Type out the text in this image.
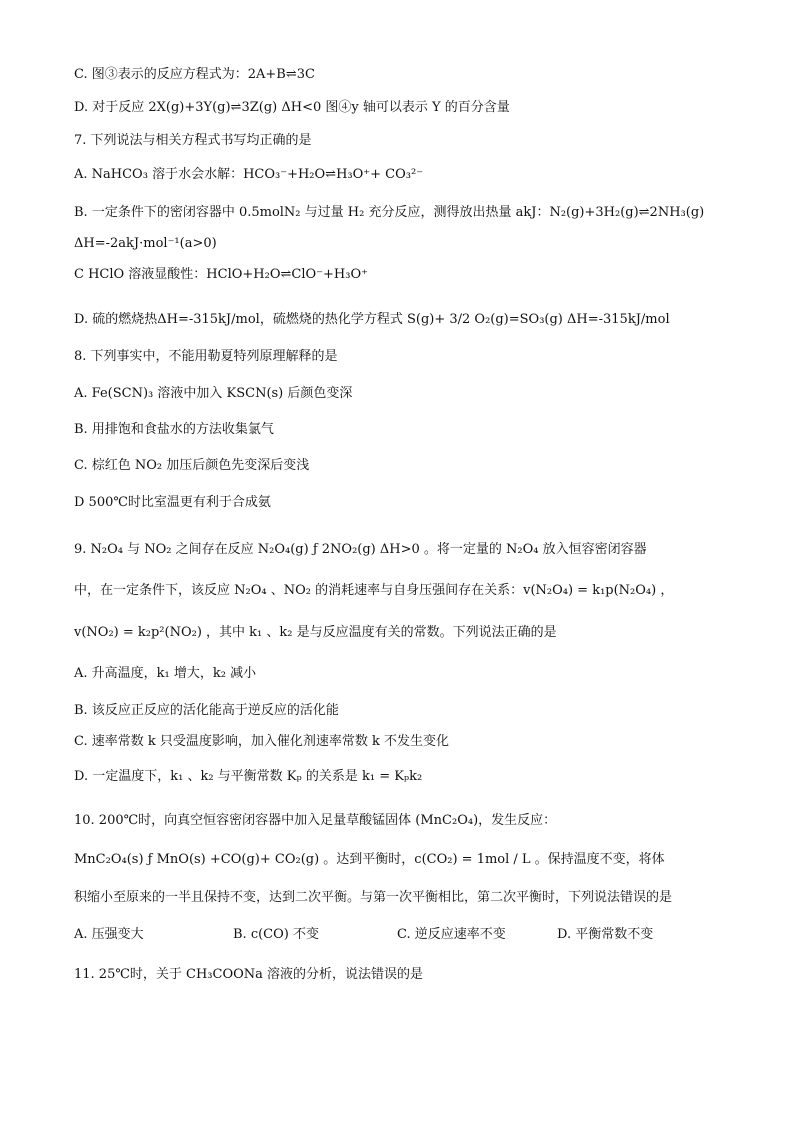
C. 图③表示的反应方程式为：2A+B⇌3C
D. 对于反应 2X(g)+3Y(g)⇌3Z(g) ΔH<0 图④y 轴可以表示 Y 的百分含量
7. 下列说法与相关方程式书写均正确的是
A. NaHCO₃ 溶于水会水解：HCO₃⁻+H₂O⇌H₃O⁺+ CO₃²⁻
B. 一定条件下的密闭容器中 0.5molN₂ 与过量 H₂ 充分反应，测得放出热量 akJ：N₂(g)+3H₂(g)⇌2NH₃(g)
ΔH=-2akJ·mol⁻¹(a>0)
C HClO 溶液显酸性：HClO+H₂O⇌ClO⁻+H₃O⁺
D. 硫的燃烧热ΔH=-315kJ/mol，硫燃烧的热化学方程式 S(g)+ 3/2 O₂(g)=SO₃(g) ΔH=-315kJ/mol
8. 下列事实中，不能用勒夏特列原理解释的是
A. Fe(SCN)₃ 溶液中加入 KSCN(s) 后颜色变深
B. 用排饱和食盐水的方法收集氯气
C. 棕红色 NO₂ 加压后颜色先变深后变浅
D 500℃时比室温更有利于合成氨
9. N₂O₄ 与 NO₂ 之间存在反应 N₂O₄(g) ƒ 2NO₂(g) ΔH>0 。将一定量的 N₂O₄ 放入恒容密闭容器
中，在一定条件下，该反应 N₂O₄ 、NO₂ 的消耗速率与自身压强间存在关系：v(N₂O₄) = k₁p(N₂O₄) ，
v(NO₂) = k₂p²(NO₂) ，其中 k₁ 、k₂ 是与反应温度有关的常数。下列说法正确的是
A. 升高温度，k₁ 增大，k₂ 减小
B. 该反应正反应的活化能高于逆反应的活化能
C. 速率常数 k 只受温度影响，加入催化剂速率常数 k 不发生变化
D. 一定温度下，k₁ 、k₂ 与平衡常数 Kₚ 的关系是 k₁ = Kₚk₂
10. 200℃时，向真空恒容密闭容器中加入足量草酸锰固体 (MnC₂O₄)，发生反应：
MnC₂O₄(s) ƒ MnO(s) +CO(g)+ CO₂(g) 。达到平衡时，c(CO₂) = 1mol / L 。保持温度不变，将体
积缩小至原来的一半且保持不变，达到二次平衡。与第一次平衡相比，第二次平衡时，下列说法错误的是
A. 压强变大	B. c(CO) 不变	C. 逆反应速率不变	D. 平衡常数不变
11. 25℃时，关于 CH₃COONa 溶液的分析，说法错误的是
